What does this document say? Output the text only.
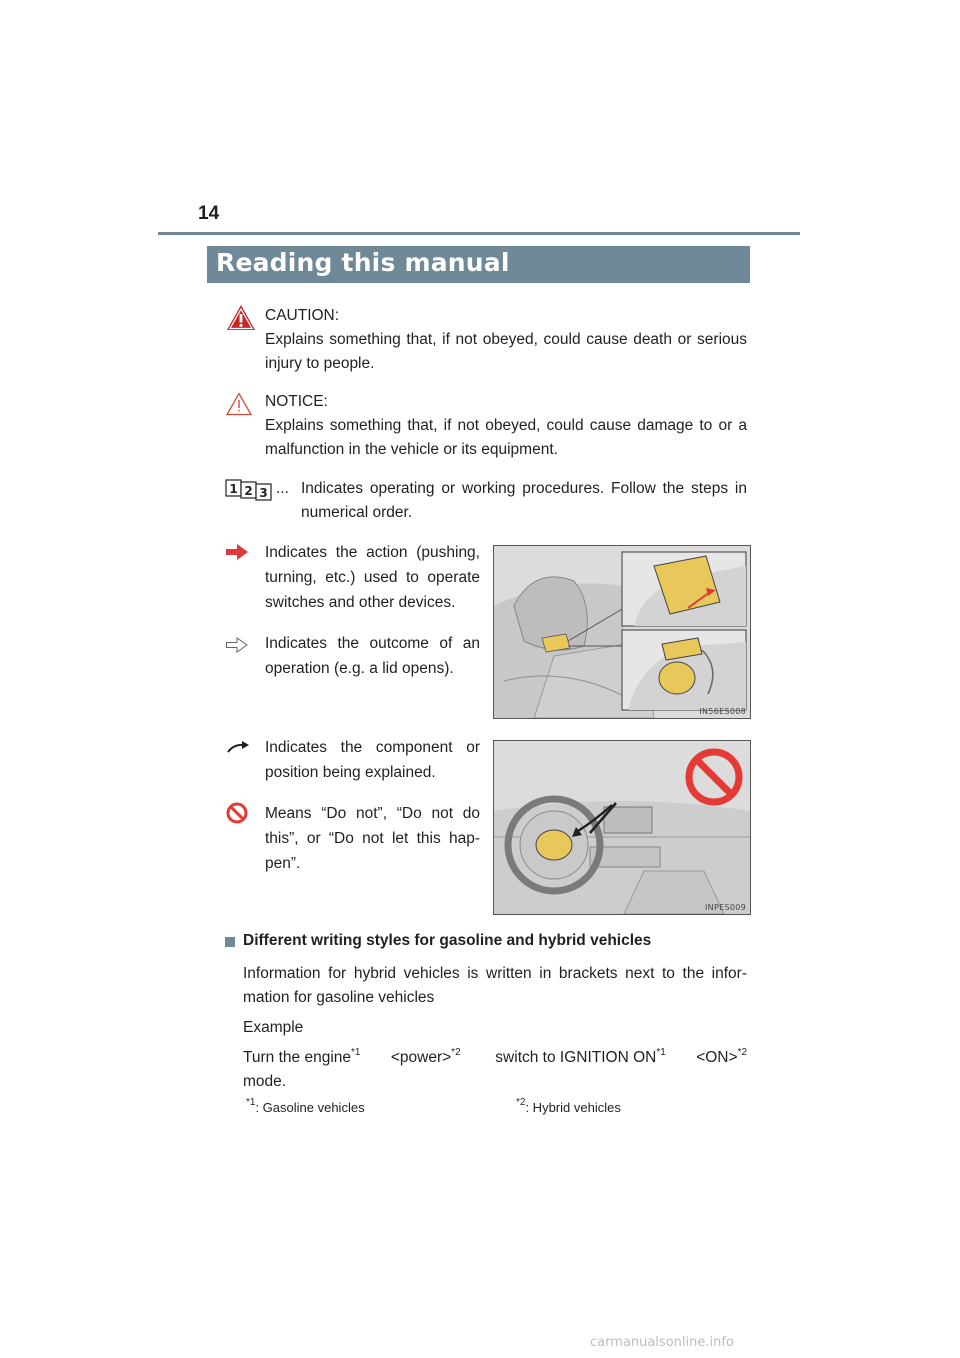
14
Reading this manual
CAUTION:
Explains something that, if not obeyed, could cause death or serious injury to people.
NOTICE:
Explains something that, if not obeyed, could cause damage to or a malfunction in the vehicle or its equipment.
1 2 3 ... Indicates operating or working procedures. Follow the steps in numerical order.
Indicates the action (pushing, turning, etc.) used to operate switches and other devices.
Indicates the outcome of an operation (e.g. a lid opens).
IN56ES008
Indicates the component or position being explained.
Means “Do not”, “Do not do this”, or “Do not let this hap-pen”.
INPES009
Different writing styles for gasoline and hybrid vehicles
Information for hybrid vehicles is written in brackets next to the infor-mation for gasoline vehicles
Example
Turn the engine$^{*1}$ <power>$^{*2}$ switch to IGNITION $ON^{*1} <ON>^{*2}$
mode.
$^{*1}$: Gasoline vehicles	$^{*2}$: Hybrid vehicles
carmanualsonline.info
